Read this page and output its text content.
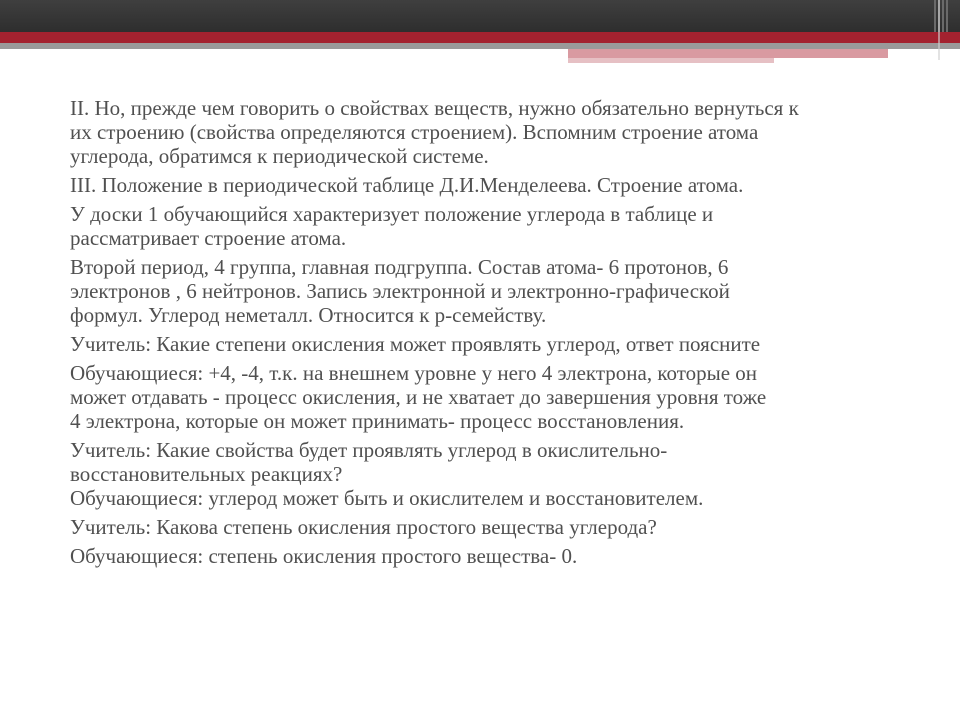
II. Но, прежде чем говорить о свойствах веществ, нужно обязательно вернуться к
их строению (свойства определяются строением). Вспомним строение атома
углерода, обратимся к периодической системе.

III. Положение в периодической таблице Д.И.Менделеева. Строение атома.

У доски 1 обучающийся характеризует положение углерода в таблице и
рассматривает строение атома.

Второй период, 4 группа, главная подгруппа. Состав атома- 6 протонов, 6
электронов , 6 нейтронов. Запись электронной и электронно-графической
формул. Углерод неметалл. Относится к р-семейству.

Учитель: Какие степени окисления может проявлять углерод, ответ поясните

Обучающиеся: +4, -4, т.к. на внешнем уровне у него 4 электрона, которые он
может отдавать - процесс окисления, и не хватает до завершения уровня тоже
4 электрона, которые он может принимать- процесс восстановления.

Учитель: Какие свойства будет проявлять углерод в окислительно-
восстановительных реакциях?
Обучающиеся: углерод может быть и окислителем и восстановителем.

Учитель: Какова степень окисления простого вещества углерода?

Обучающиеся: степень окисления простого вещества- 0.
